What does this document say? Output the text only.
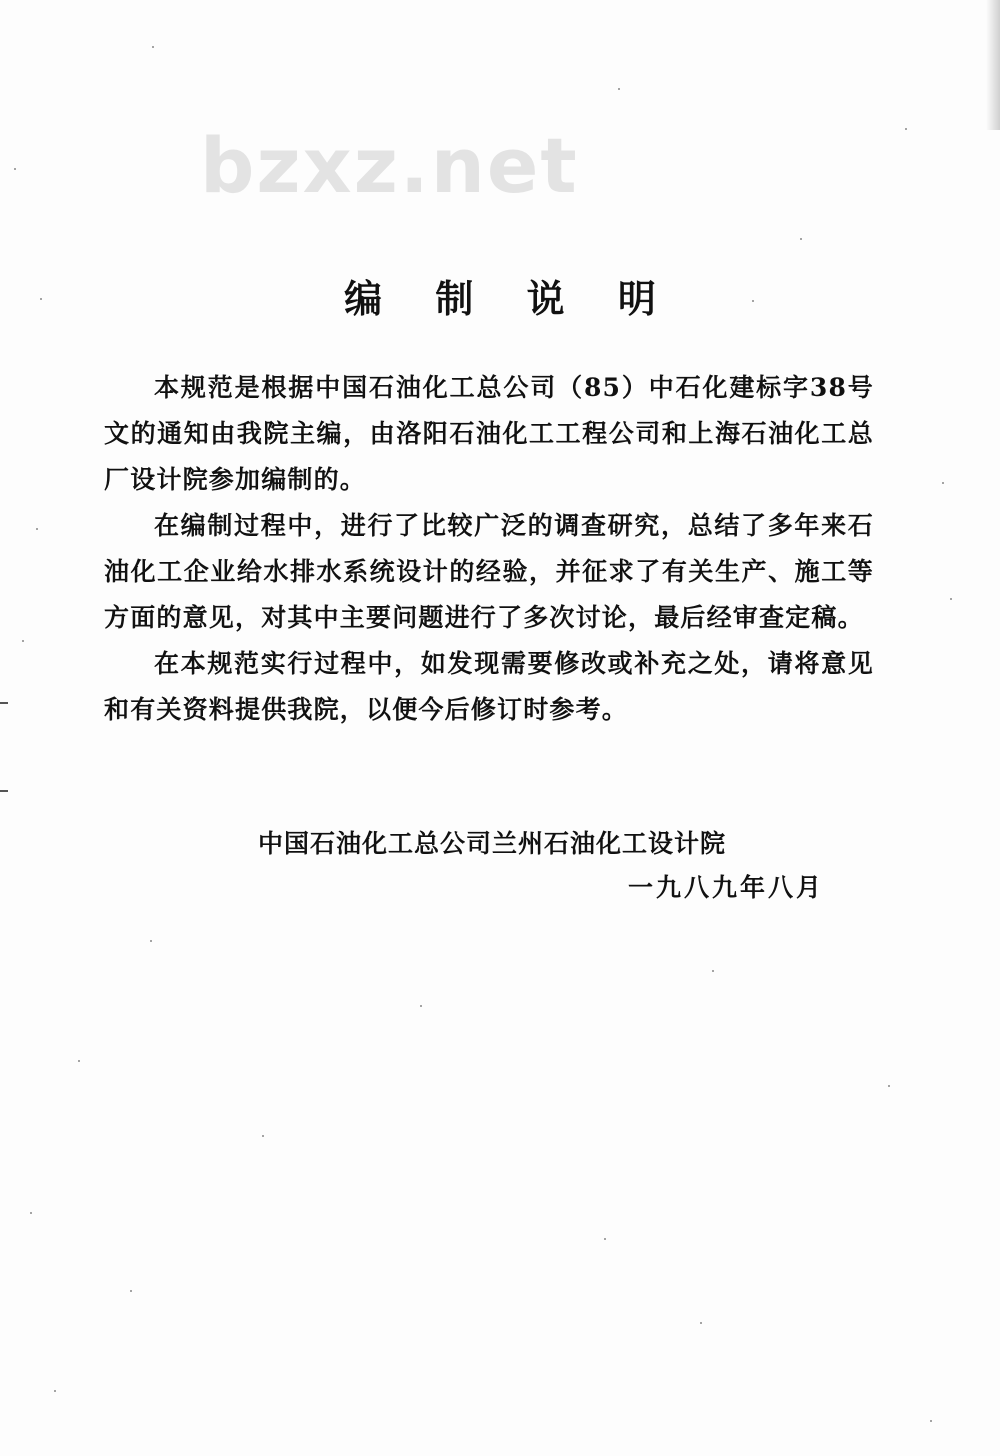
bzxz.net
编 制 说 明

本规范是根据中国石油化工总公司（85）中石化建标字38号文的通知由我院主编，由洛阳石油化工工程公司和上海石油化工总厂设计院参加编制的。

在编制过程中，进行了比较广泛的调查研究，总结了多年来石油化工企业给水排水系统设计的经验，并征求了有关生产、施工等方面的意见，对其中主要问题进行了多次讨论，最后经审查定稿。

在本规范实行过程中，如发现需要修改或补充之处，请将意见和有关资料提供我院，以便今后修订时参考。

中国石油化工总公司兰州石油化工设计院
一九八九年八月
